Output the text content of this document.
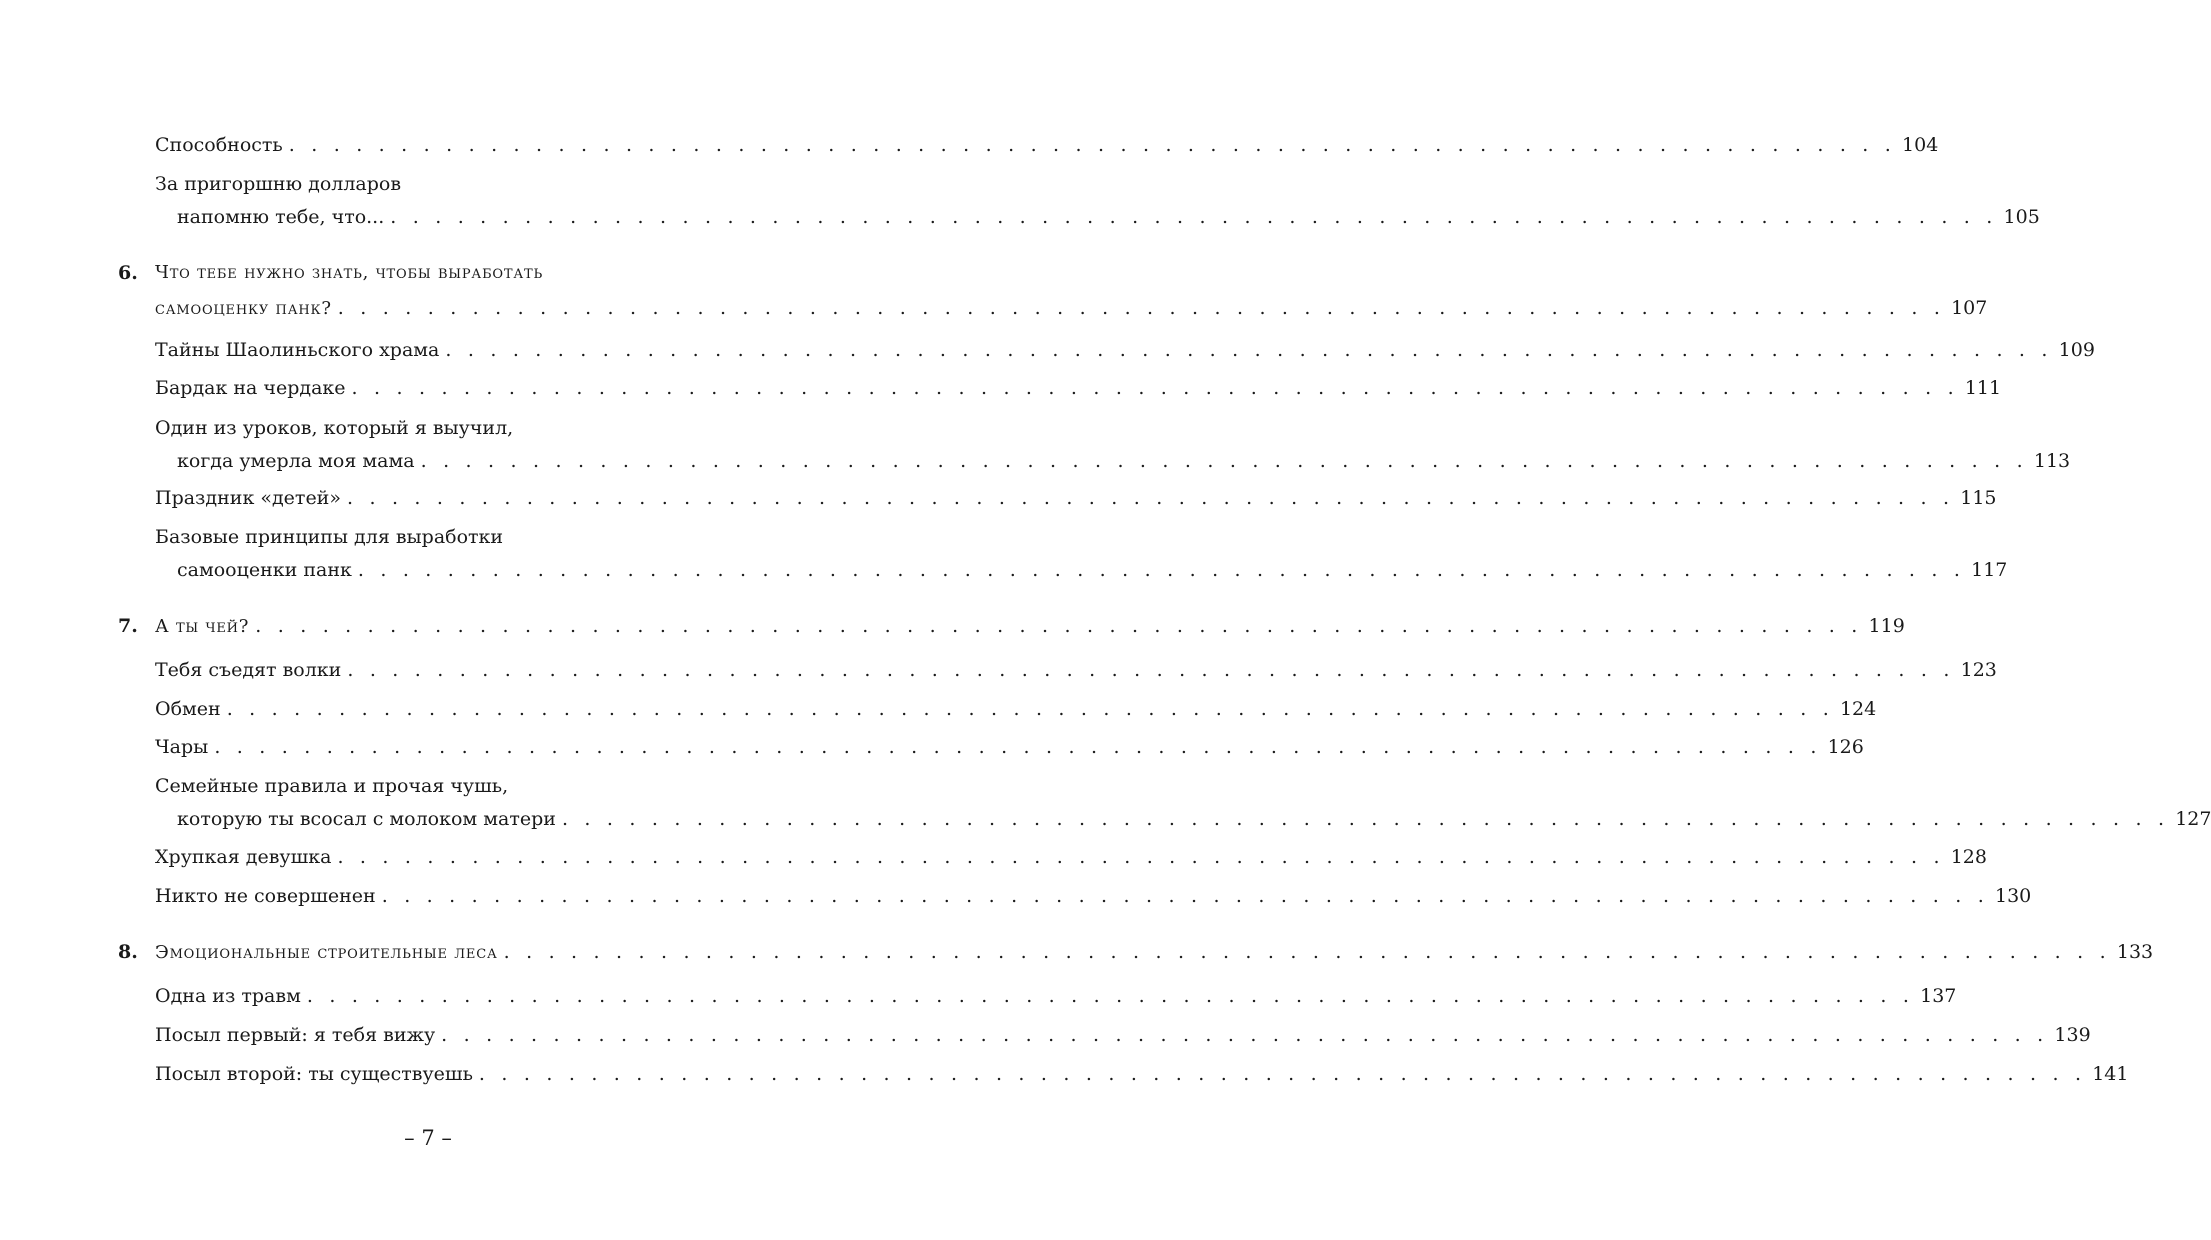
Способность . . .	104
За пригоршню долларов
напомню тебе, что... . . .	105
6. Что тебе нужно знать, чтобы выработать
самооценку панк? . . .	107
Тайны Шаолиньского храма . . .	109
Бардак на чердаке . . .	111
Один из уроков, который я выучил,
когда умерла моя мама . . .	113
Праздник «детей» . . .	115
Базовые принципы для выработки
самооценки панк . . .	117
7. А ты чей? . . .	119
Тебя съедят волки . . .	123
Обмен . . .	124
Чары . . .	126
Семейные правила и прочая чушь,
которую ты всосал с молоком матери . . .	127
Хрупкая девушка . . .	128
Никто не совершенен . . .	130
8. Эмоциональные строительные леса . . .	133
Одна из травм . . .	137
Посыл первый: я тебя вижу . . .	139
Посыл второй: ты существуешь . . .	141
– 7 –
